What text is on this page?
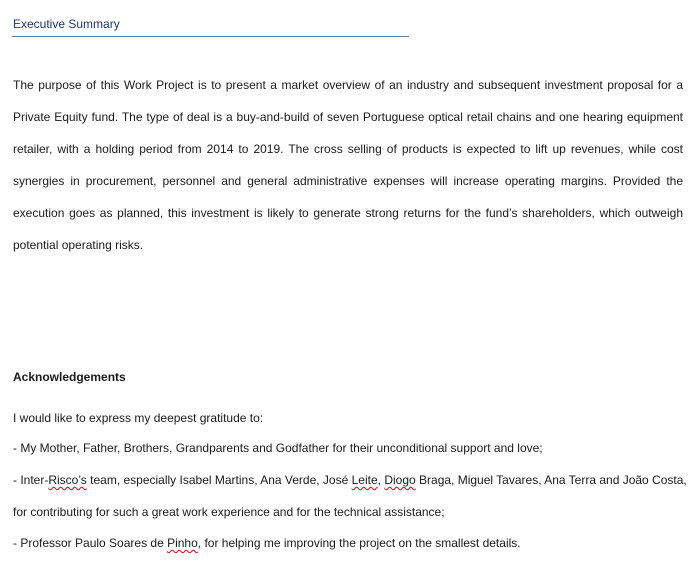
Executive Summary
The purpose of this Work Project is to present a market overview of an industry and subsequent investment proposal for a
Private Equity fund. The type of deal is a buy-and-build of seven Portuguese optical retail chains and one hearing equipment
retailer, with a holding period from 2014 to 2019. The cross selling of products is expected to lift up revenues, while cost
synergies in procurement, personnel and general administrative expenses will increase operating margins. Provided the
execution goes as planned, this investment is likely to generate strong returns for the fund’s shareholders, which outweigh
potential operating risks.
Acknowledgements

I would like to express my deepest gratitude to:

- My Mother, Father, Brothers, Grandparents and Godfather for their unconditional support and love;

- Inter-Risco’s team, especially Isabel Martins, Ana Verde, José Leite, Diogo Braga, Miguel Tavares, Ana Terra and João Costa,

for contributing for such a great work experience and for the technical assistance;

- Professor Paulo Soares de Pinho, for helping me improving the project on the smallest details.
